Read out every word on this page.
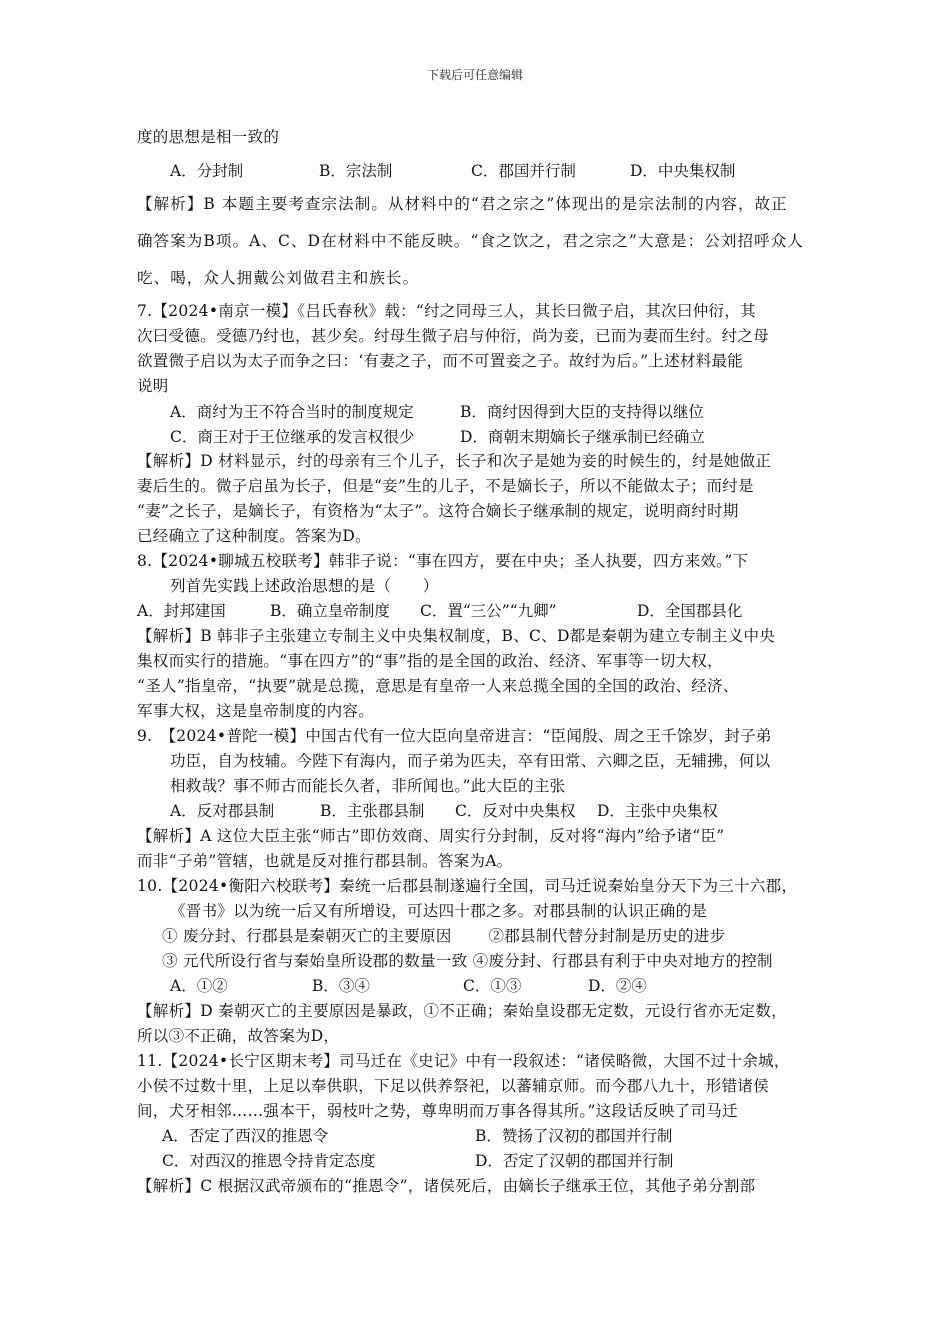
下载后可任意编辑
度的思想是相一致的
A．分封制	B．宗法制	C．郡国并行制	D．中央集权制
【解析】B 本题主要考查宗法制。从材料中的“君之宗之”体现出的是宗法制的内容，故正
确答案为B项。A、C、D在材料中不能反映。“食之饮之，君之宗之”大意是：公刘招呼众人
吃、喝，众人拥戴公刘做君主和族长。
7.【2024•南京一模】《吕氏春秋》载：“纣之同母三人，其长曰微子启，其次曰仲衍，其
次曰受德。受德乃纣也，甚少矣。纣母生微子启与仲衍，尚为妾，已而为妻而生纣。纣之母
欲置微子启以为太子而争之曰：‘有妻之子，而不可置妾之子。故纣为后。”上述材料最能
说明
A．商纣为王不符合当时的制度规定	B．商纣因得到大臣的支持得以继位
C．商王对于王位继承的发言权很少	D．商朝末期嫡长子继承制已经确立
【解析】D 材料显示，纣的母亲有三个儿子，长子和次子是她为妾的时候生的，纣是她做正
妻后生的。微子启虽为长子，但是“妾”生的儿子，不是嫡长子，所以不能做太子；而纣是
“妻”之长子，是嫡长子，有资格为“太子”。这符合嫡长子继承制的规定，说明商纣时期
已经确立了这种制度。答案为D。
8.【2024•聊城五校联考】韩非子说：“事在四方，要在中央；圣人执要，四方来效。”下
列首先实践上述政治思想的是（　　）
A．封邦建国	B．确立皇帝制度 C．置“三公”“九卿”	D．全国郡县化
【解析】B 韩非子主张建立专制主义中央集权制度，B、C、D都是秦朝为建立专制主义中央
集权而实行的措施。“事在四方”的“事”指的是全国的政治、经济、军事等一切大权，
“圣人”指皇帝，“执要”就是总揽，意思是有皇帝一人来总揽全国的全国的政治、经济、
军事大权，这是皇帝制度的内容。
9.　【2024•普陀一模】中国古代有一位大臣向皇帝进言：“臣闻殷、周之王千馀岁，封子弟
功臣，自为枝辅。今陛下有海内，而子弟为匹夫，卒有田常、六卿之臣，无辅拂，何以
相救哉？事不师古而能长久者，非所闻也。”此大臣的主张
A．反对郡县制	B．主张郡县制 C．反对中央集权 D．主张中央集权
【解析】A 这位大臣主张“师古”即仿效商、周实行分封制，反对将“海内”给予诸“臣”
而非“子弟”管辖，也就是反对推行郡县制。答案为A。
10.【2024•衡阳六校联考】秦统一后郡县制遂遍行全国，司马迁说秦始皇分天下为三十六郡，
《晋书》以为统一后又有所增设，可达四十郡之多。对郡县制的认识正确的是
① 废分封、行郡县是秦朝灭亡的主要原因　　 ②郡县制代替分封制是历史的进步
③ 元代所设行省与秦始皇所设郡的数量一致 ④废分封、行郡县有利于中央对地方的控制
A．①②	B．③④	C．①③	D．②④
【解析】D 秦朝灭亡的主要原因是暴政，①不正确；秦始皇设郡无定数，元设行省亦无定数，
所以③不正确，故答案为D，
11.【2024•长宁区期末考】司马迁在《史记》中有一段叙述：“诸侯略微，大国不过十余城，
小侯不过数十里，上足以奉供职，下足以供养祭祀，以蕃辅京师。而今郡八九十，形错诸侯
间，犬牙相邻……强本干，弱枝叶之势，尊卑明而万事各得其所。”这段话反映了司马迁
A．否定了西汉的推恩令	B．赞扬了汉初的郡国并行制
C．对西汉的推恩令持肯定态度	D．否定了汉朝的郡国并行制
【解析】C 根据汉武帝颁布的“推恩令”，诸侯死后，由嫡长子继承王位，其他子弟分割部
